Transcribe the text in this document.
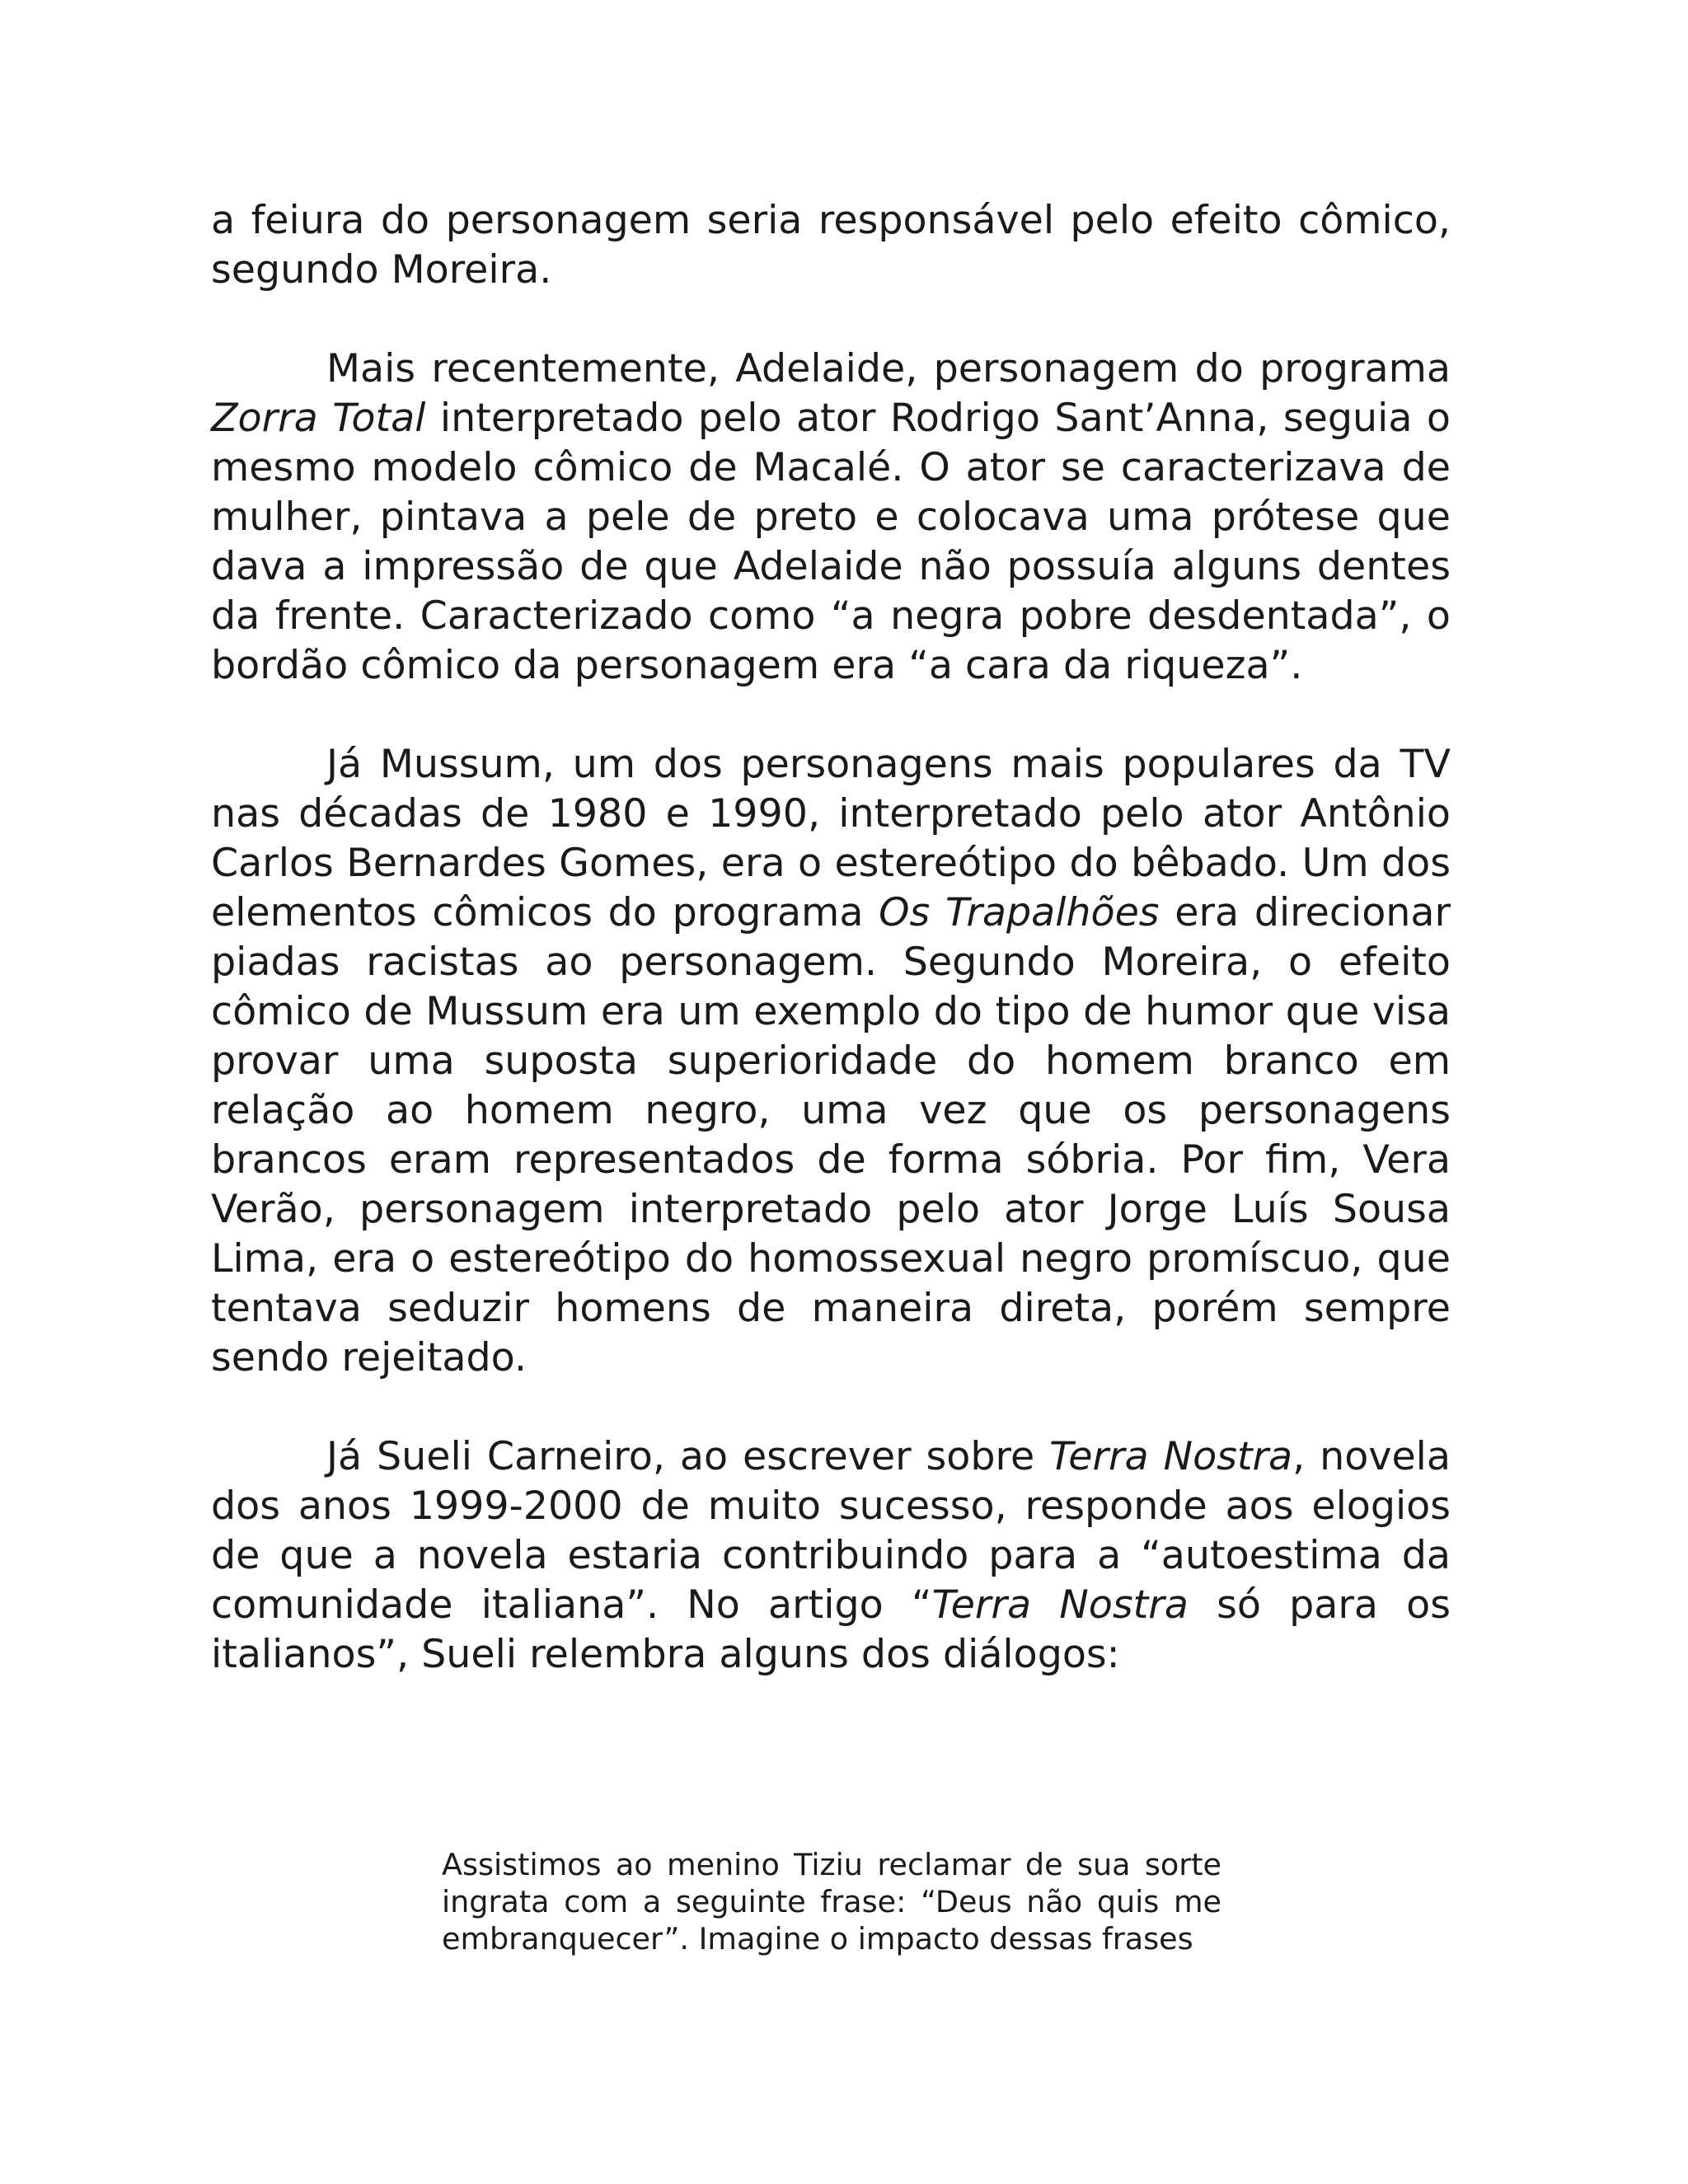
a feiura do personagem seria responsável pelo efeito cômico, segundo Moreira.

Mais recentemente, Adelaide, personagem do programa Zorra Total interpretado pelo ator Rodrigo Sant’Anna, seguia o mesmo modelo cômico de Macalé. O ator se caracterizava de mulher, pintava a pele de preto e colocava uma prótese que dava a impressão de que Adelaide não possuía alguns dentes da frente. Caracterizado como “a negra pobre desdentada”, o bordão cômico da personagem era “a cara da riqueza”.

Já Mussum, um dos personagens mais populares da TV nas décadas de 1980 e 1990, interpretado pelo ator Antônio Carlos Bernardes Gomes, era o estereótipo do bêbado. Um dos elementos cômicos do programa Os Trapalhões era direcionar piadas racistas ao personagem. Segundo Moreira, o efeito cômico de Mussum era um exemplo do tipo de humor que visa provar uma suposta superioridade do homem branco em relação ao homem negro, uma vez que os personagens brancos eram representados de forma sóbria. Por fim, Vera Verão, personagem interpretado pelo ator Jorge Luís Sousa Lima, era o estereótipo do homossexual negro promíscuo, que tentava seduzir homens de maneira direta, porém sempre sendo rejeitado.

Já Sueli Carneiro, ao escrever sobre Terra Nostra, novela dos anos 1999-2000 de muito sucesso, responde aos elogios de que a novela estaria contribuindo para a “autoestima da comunidade italiana”. No artigo “Terra Nostra só para os italianos”, Sueli relembra alguns dos diálogos:

Assistimos ao menino Tiziu reclamar de sua sorte ingrata com a seguinte frase: “Deus não quis me embranquecer”. Imagine o impacto dessas frases
